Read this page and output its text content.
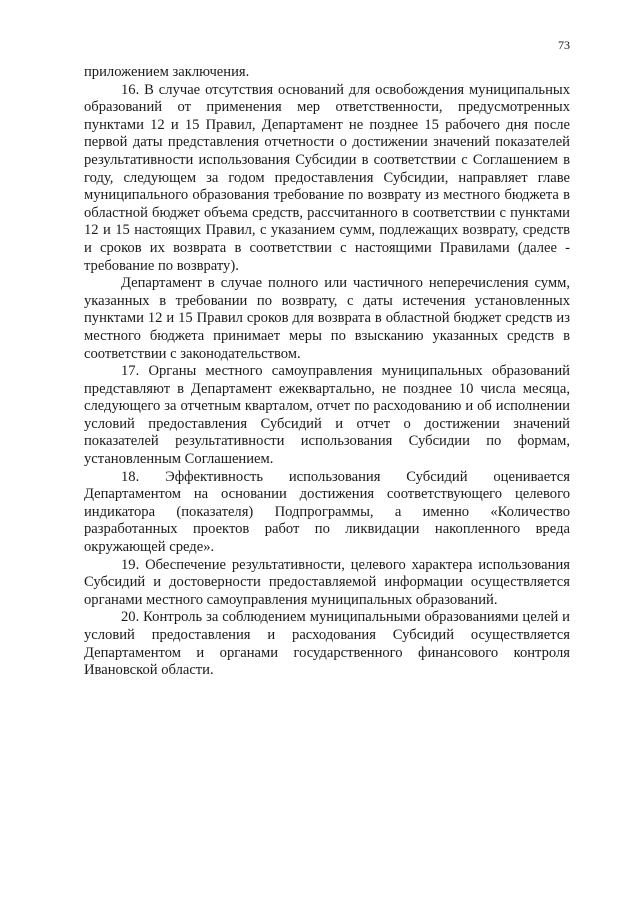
73

приложением заключения.

16. В случае отсутствия оснований для освобождения муниципальных образований от применения мер ответственности, предусмотренных пунктами 12 и 15 Правил, Департамент не позднее 15 рабочего дня после первой даты представления отчетности о достижении значений показателей результативности использования Субсидии в соответствии с Соглашением в году, следующем за годом предоставления Субсидии, направляет главе муниципального образования требование по возврату из местного бюджета в областной бюджет объема средств, рассчитанного в соответствии с пунктами 12 и 15 настоящих Правил, с указанием сумм, подлежащих возврату, средств и сроков их возврата в соответствии с настоящими Правилами (далее - требование по возврату).

Департамент в случае полного или частичного неперечисления сумм, указанных в требовании по возврату, с даты истечения установленных пунктами 12 и 15 Правил сроков для возврата в областной бюджет средств из местного бюджета принимает меры по взысканию указанных средств в соответствии с законодательством.

17. Органы местного самоуправления муниципальных образований представляют в Департамент ежеквартально, не позднее 10 числа месяца, следующего за отчетным кварталом, отчет по расходованию и об исполнении условий предоставления Субсидий и отчет о достижении значений показателей результативности использования Субсидии по формам, установленным Соглашением.

18. Эффективность использования Субсидий оценивается Департаментом на основании достижения соответствующего целевого индикатора (показателя) Подпрограммы, а именно «Количество разработанных проектов работ по ликвидации накопленного вреда окружающей среде».

19. Обеспечение результативности, целевого характера использования Субсидий и достоверности предоставляемой информации осуществляется органами местного самоуправления муниципальных образований.

20. Контроль за соблюдением муниципальными образованиями целей и условий предоставления и расходования Субсидий осуществляется Департаментом и органами государственного финансового контроля Ивановской области.
